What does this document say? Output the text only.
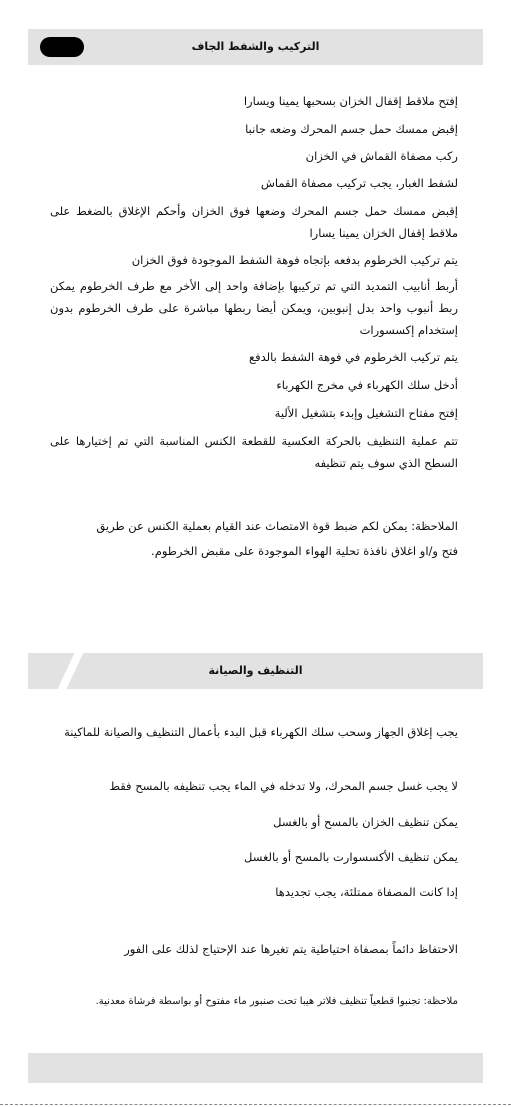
التركيب والشفط الجاف

إفتح ملاقط إقفال الخزان بسحبها يمينا ويسارا

إقبض ممسك حمل جسم المحرك وضعه جانبا

ركب مصفاة القماش في الخزان

لشفط الغبار، يجب تركيب مصفاة القماش

إقبض ممسك حمل جسم المحرك وضعها فوق الخزان وأحكم الإغلاق بالضغط على ملاقط إقفال الخزان يمينا يسارا

يتم تركيب الخرطوم بدفعه بإتجاه فوهة الشفط الموجودة فوق الخزان

أربط أنابيب التمديد التي تم تركيبها بإضافة واحد إلى الأخر مع طرف الخرطوم يمكن ربط أنبوب واحد بدل إنبوبين، ويمكن أيضا ربطها مباشرة على طرف الخرطوم بدون إستخدام إكسسورات

يتم تركيب الخرطوم في فوهة الشفط بالدفع

أدخل سلك الكهرباء في مخرج الكهرباء

إفتح مفتاح التشغيل وإبدء بتشغيل الألية

تتم عملية التنظيف بالحركة العكسية للقطعة الكنس المناسبة التي تم إختيارها على السطح الذي سوف يتم تنظيفه

الملاحظة: يمكن لكم ضبط قوة الامتصاث عند القيام بعملية الكنس عن طريق

فتح و/او اغلاق نافذة تحلية الهواء الموجودة على مقبض الخرطوم.

التنظيف والصيانة

يجب إغلاق الجهاز وسحب سلك الكهرباء قبل البدء بأعمال التنظيف والصيانة للماكينة

لا يجب غسل جسم المحرك، ولا تدخله في الماء يجب تنظيفه بالمسح فقط

يمكن تنظيف الخزان بالمسح أو بالغسل

يمكن تنظيف الأكسسوارت بالمسح أو بالغسل

إدا كانت المصفاة ممتلئة، يجب تجديدها

الاحتفاظ دائماً بمصفاة احتياطية يتم تغيرها عند الإحتياج لذلك على الفور

ملاحظة: تجنبوا قطعياً تنظيف فلاتر هيبا تحت صنبور ماء مفتوح أو بواسطة فرشاة معدنية.
